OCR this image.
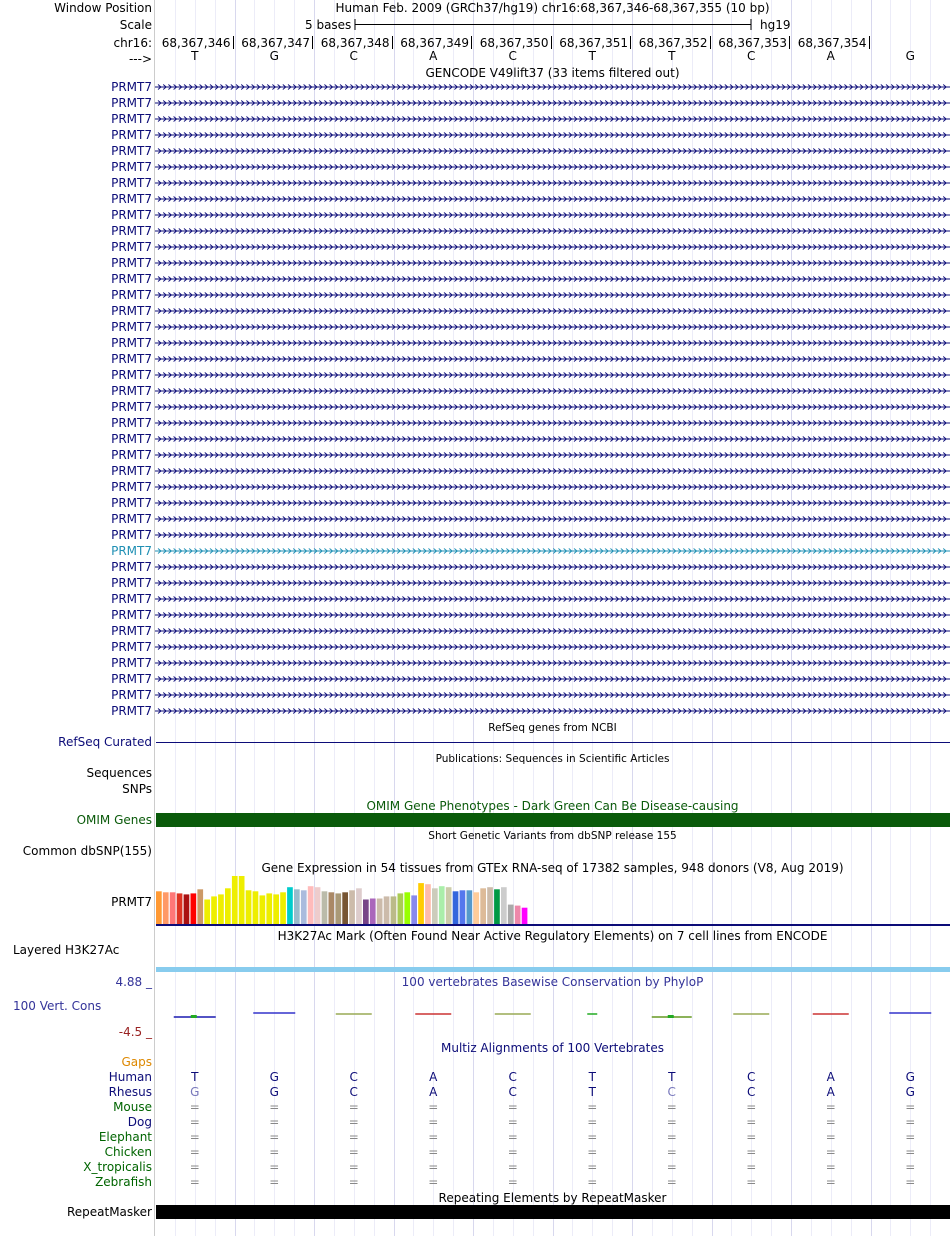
Window Position	Human Feb. 2009 (GRCh37/hg19) chr16:68,367,346-68,367,355 (10 bp)
Scale	5 bases	hg19
chr16: 68,367,346 68,367,347 68,367,348 68,367,349 68,367,350 68,367,351 68,367,352 68,367,353 68,367,354
--->	T	G	C	A	C	T	T	C	A	G
GENCODE V49lift37 (33 items filtered out)
PRMT7
PRMT7
PRMT7
PRMT7
PRMT7
PRMT7
PRMT7
PRMT7
PRMT7
PRMT7
PRMT7
PRMT7
PRMT7
PRMT7
PRMT7
PRMT7
PRMT7
PRMT7
PRMT7
PRMT7
PRMT7
PRMT7
PRMT7
PRMT7
PRMT7
PRMT7
PRMT7
PRMT7
PRMT7
PRMT7
PRMT7
PRMT7
PRMT7
PRMT7
PRMT7
PRMT7
PRMT7
PRMT7
PRMT7
PRMT7
RefSeq genes from NCBI
RefSeq Curated
Publications: Sequences in Scientific Articles
Sequences
SNPs
OMIM Gene Phenotypes - Dark Green Can Be Disease-causing
OMIM Genes
Short Genetic Variants from dbSNP release 155
Common dbSNP(155)
Gene Expression in 54 tissues from GTEx RNA-seq of 17382 samples, 948 donors (V8, Aug 2019)
PRMT7
H3K27Ac Mark (Often Found Near Active Regulatory Elements) on 7 cell lines from ENCODE
Layered H3K27Ac
100 vertebrates Basewise Conservation by PhyloP
4.88 _
100 Vert. Cons
-4.5 _
Multiz Alignments of 100 Vertebrates
Gaps
Human	T	G	C	A	C	T	T	C	A	G
Rhesus	G	G	C	A	C	T	C	C	A	G
Mouse	=	=	=	=	=	=	=	=	=	=
Dog	=	=	=	=	=	=	=	=	=	=
Elephant	=	=	=	=	=	=	=	=	=	=
Chicken	=	=	=	=	=	=	=	=	=	=
X_tropicalis	=	=	=	=	=	=	=	=	=	=
Zebrafish	=	=	=	=	=	=	=	=	=	=
Repeating Elements by RepeatMasker
RepeatMasker
